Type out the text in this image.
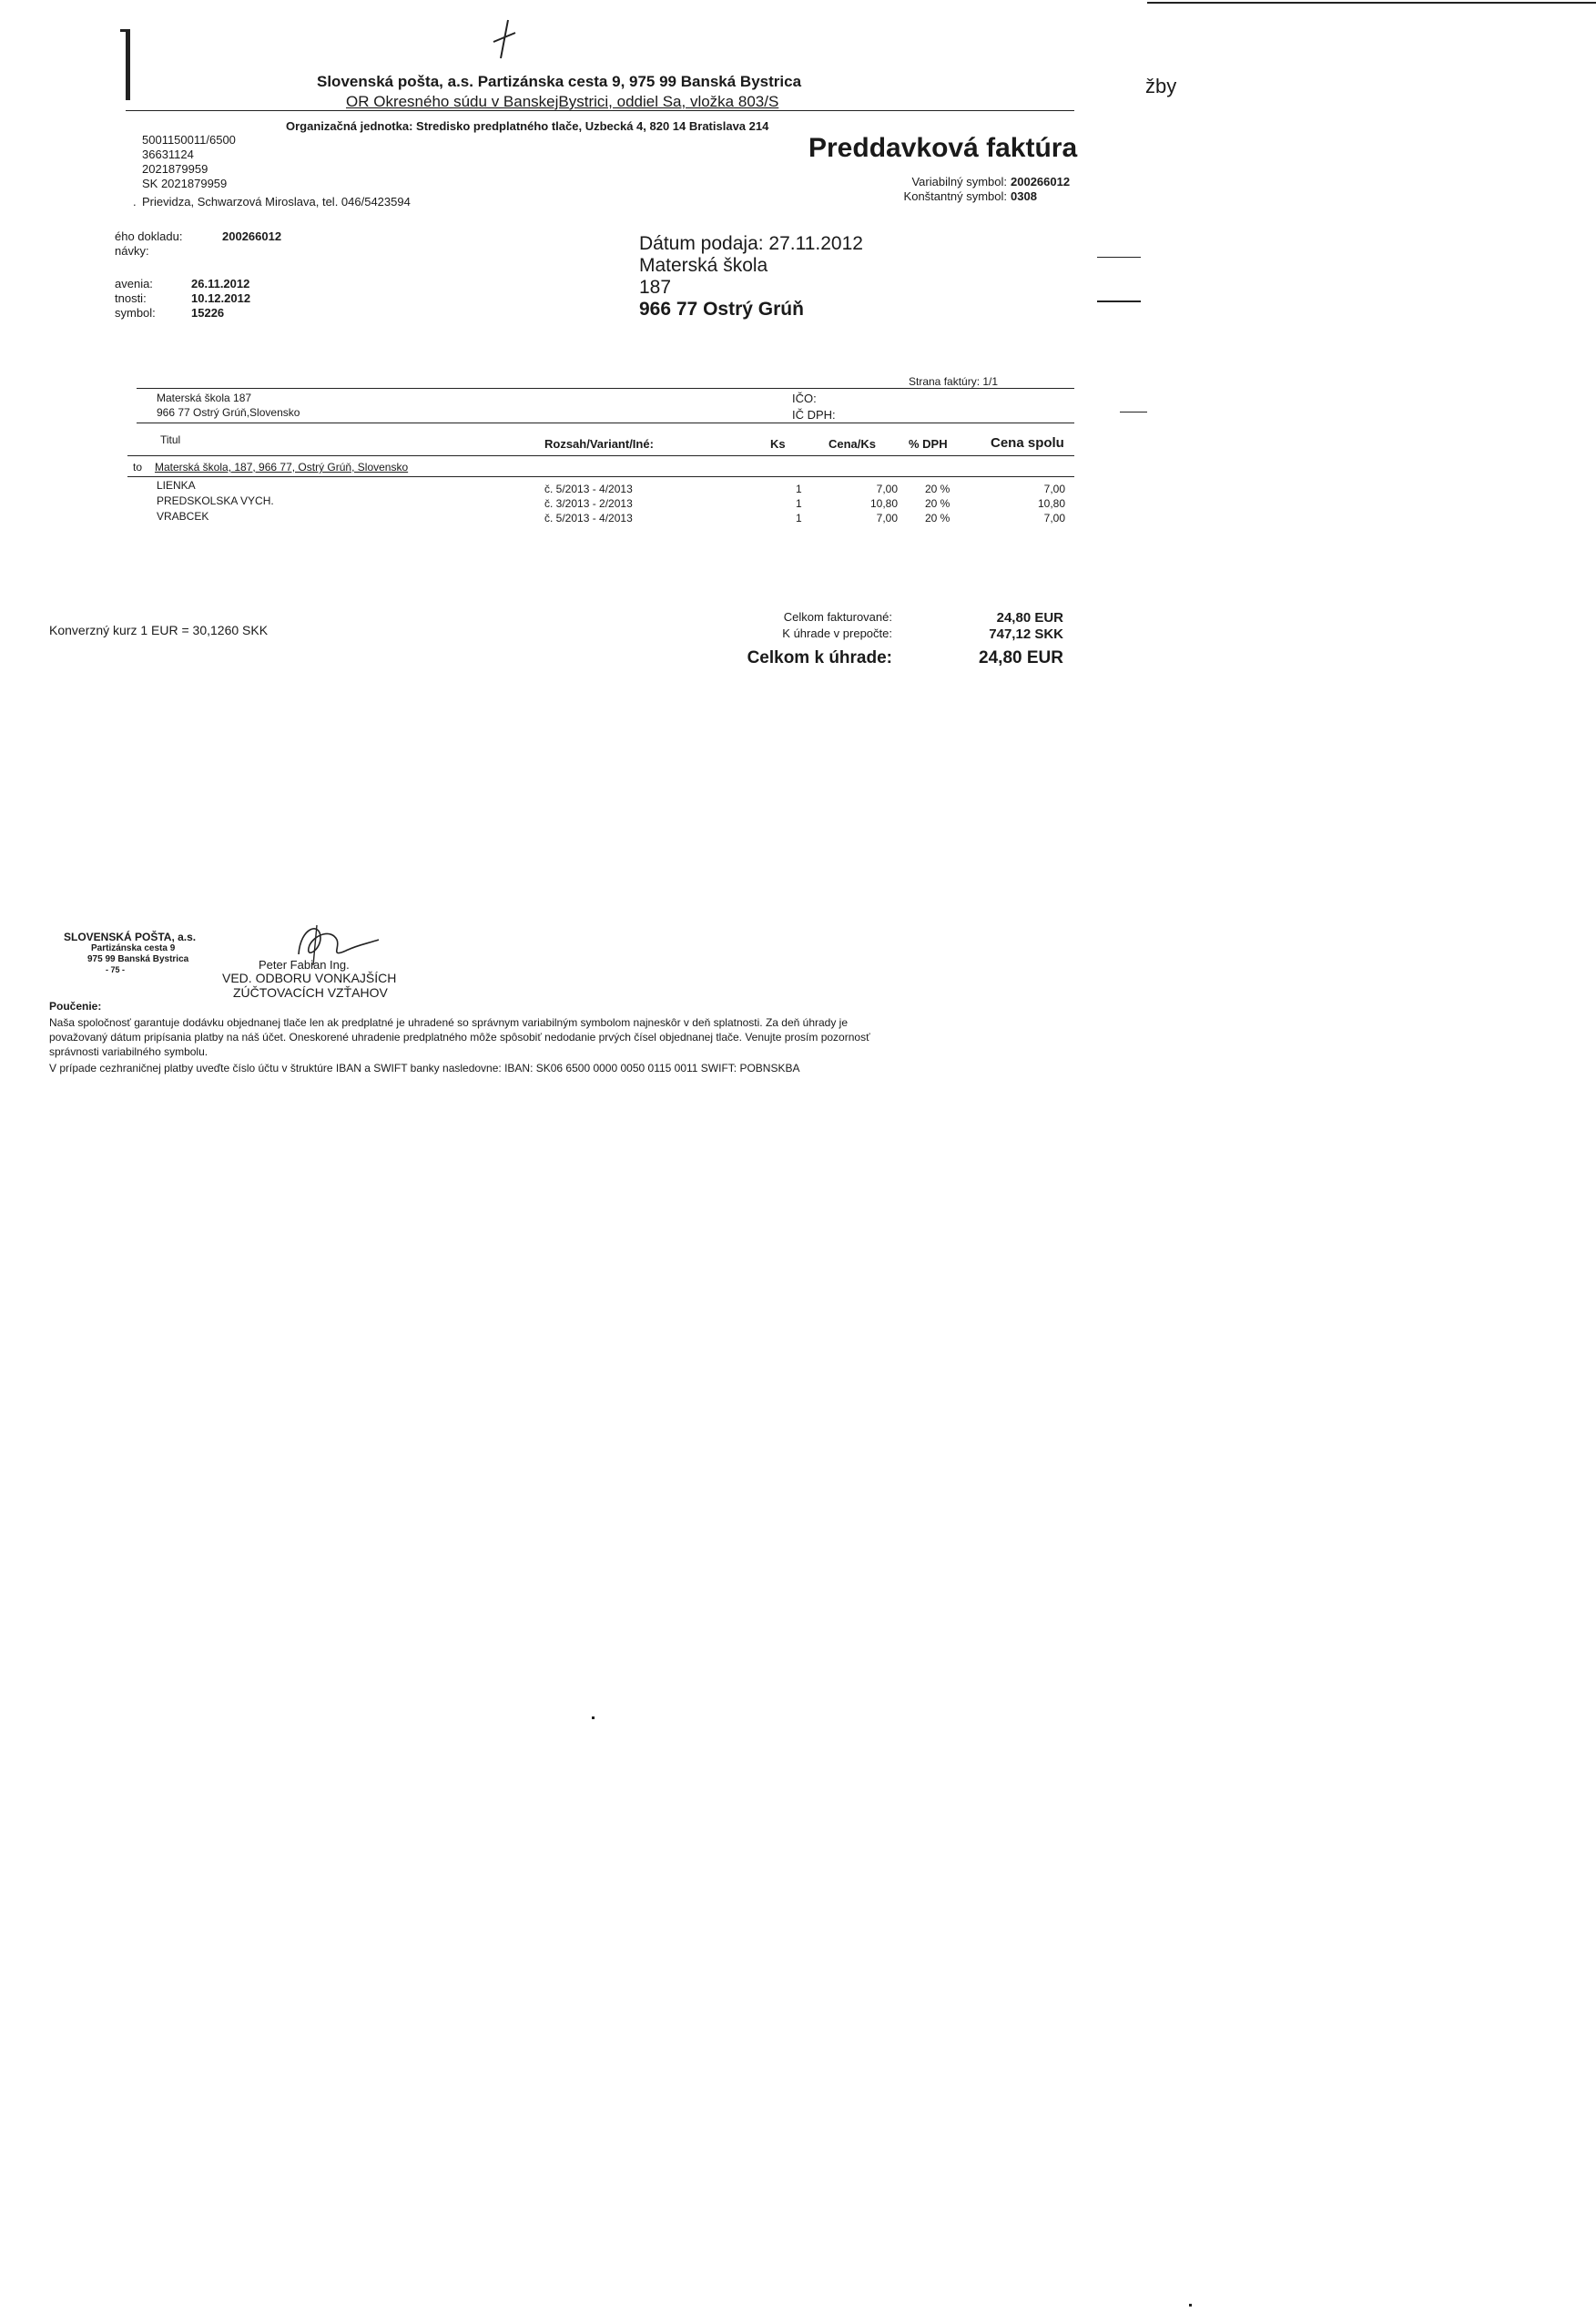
Slovenská pošta, a.s. Partizánska cesta 9, 975 99 Banská Bystrica
OR Okresného súdu v BanskejBystrici, oddiel Sa, vložka 803/S
Organizačná jednotka: Stredisko predplatného tlače, Uzbecká 4, 820 14 Bratislava 214
žby
5001150011/6500
36631124
2021879959
SK 2021879959
Prievidza, Schwarzová Miroslava, tel. 046/5423594
.
Preddavková faktúra
Variabilný symbol: 200266012
Konštantný symbol: 0308
ého dokladu:	200266012
návky:
avenia:	26.11.2012
tnosti:	10.12.2012
symbol:	15226
Dátum podaja: 27.11.2012
Materská škola
187
966 77 Ostrý Grúň
Strana faktúry: 1/1
Materská škola 187
966 77 Ostrý Grúň,Slovensko
IČO:
IČ DPH:
Titul	Rozsah/Variant/Iné:	Ks	Cena/Ks	% DPH	Cena spolu
to Materská škola, 187, 966 77, Ostrý Grúň, Slovensko
LIENKA	č. 5/2013 - 4/2013	1	7,00	20 %	7,00
PREDSKOLSKA VYCH.	č. 3/2013 - 2/2013	1	10,80	20 %	10,80
VRABCEK	č. 5/2013 - 4/2013	1	7,00	20 %	7,00
Konverzný kurz 1 EUR = 30,1260 SKK
Celkom fakturované:	24,80 EUR
K úhrade v prepočte:	747,12 SKK
Celkom k úhrade:	24,80 EUR
SLOVENSKÁ POŠTA, a.s.
Partizánska cesta 9
975 99 Banská Bystrica
- 75 -	Peter Fabian Ing.
VED. ODBORU VONKAJŠÍCH
ZÚČTOVACÍCH VZŤAHOV
Poučenie:
Naša spoločnosť garantuje dodávku objednanej tlače len ak predplatné je uhradené so správnym variabilným symbolom najneskôr v deň splatnosti. Za deň úhrady je
považovaný dátum pripísania platby na náš účet. Oneskorené uhradenie predplatného môže spôsobiť nedodanie prvých čísel objednanej tlače. Venujte prosím pozornosť
správnosti variabilného symbolu.
V prípade cezhraničnej platby uveďte číslo účtu v štruktúre IBAN a SWIFT banky nasledovne: IBAN: SK06 6500 0000 0050 0115 0011 SWIFT: POBNSKBA
